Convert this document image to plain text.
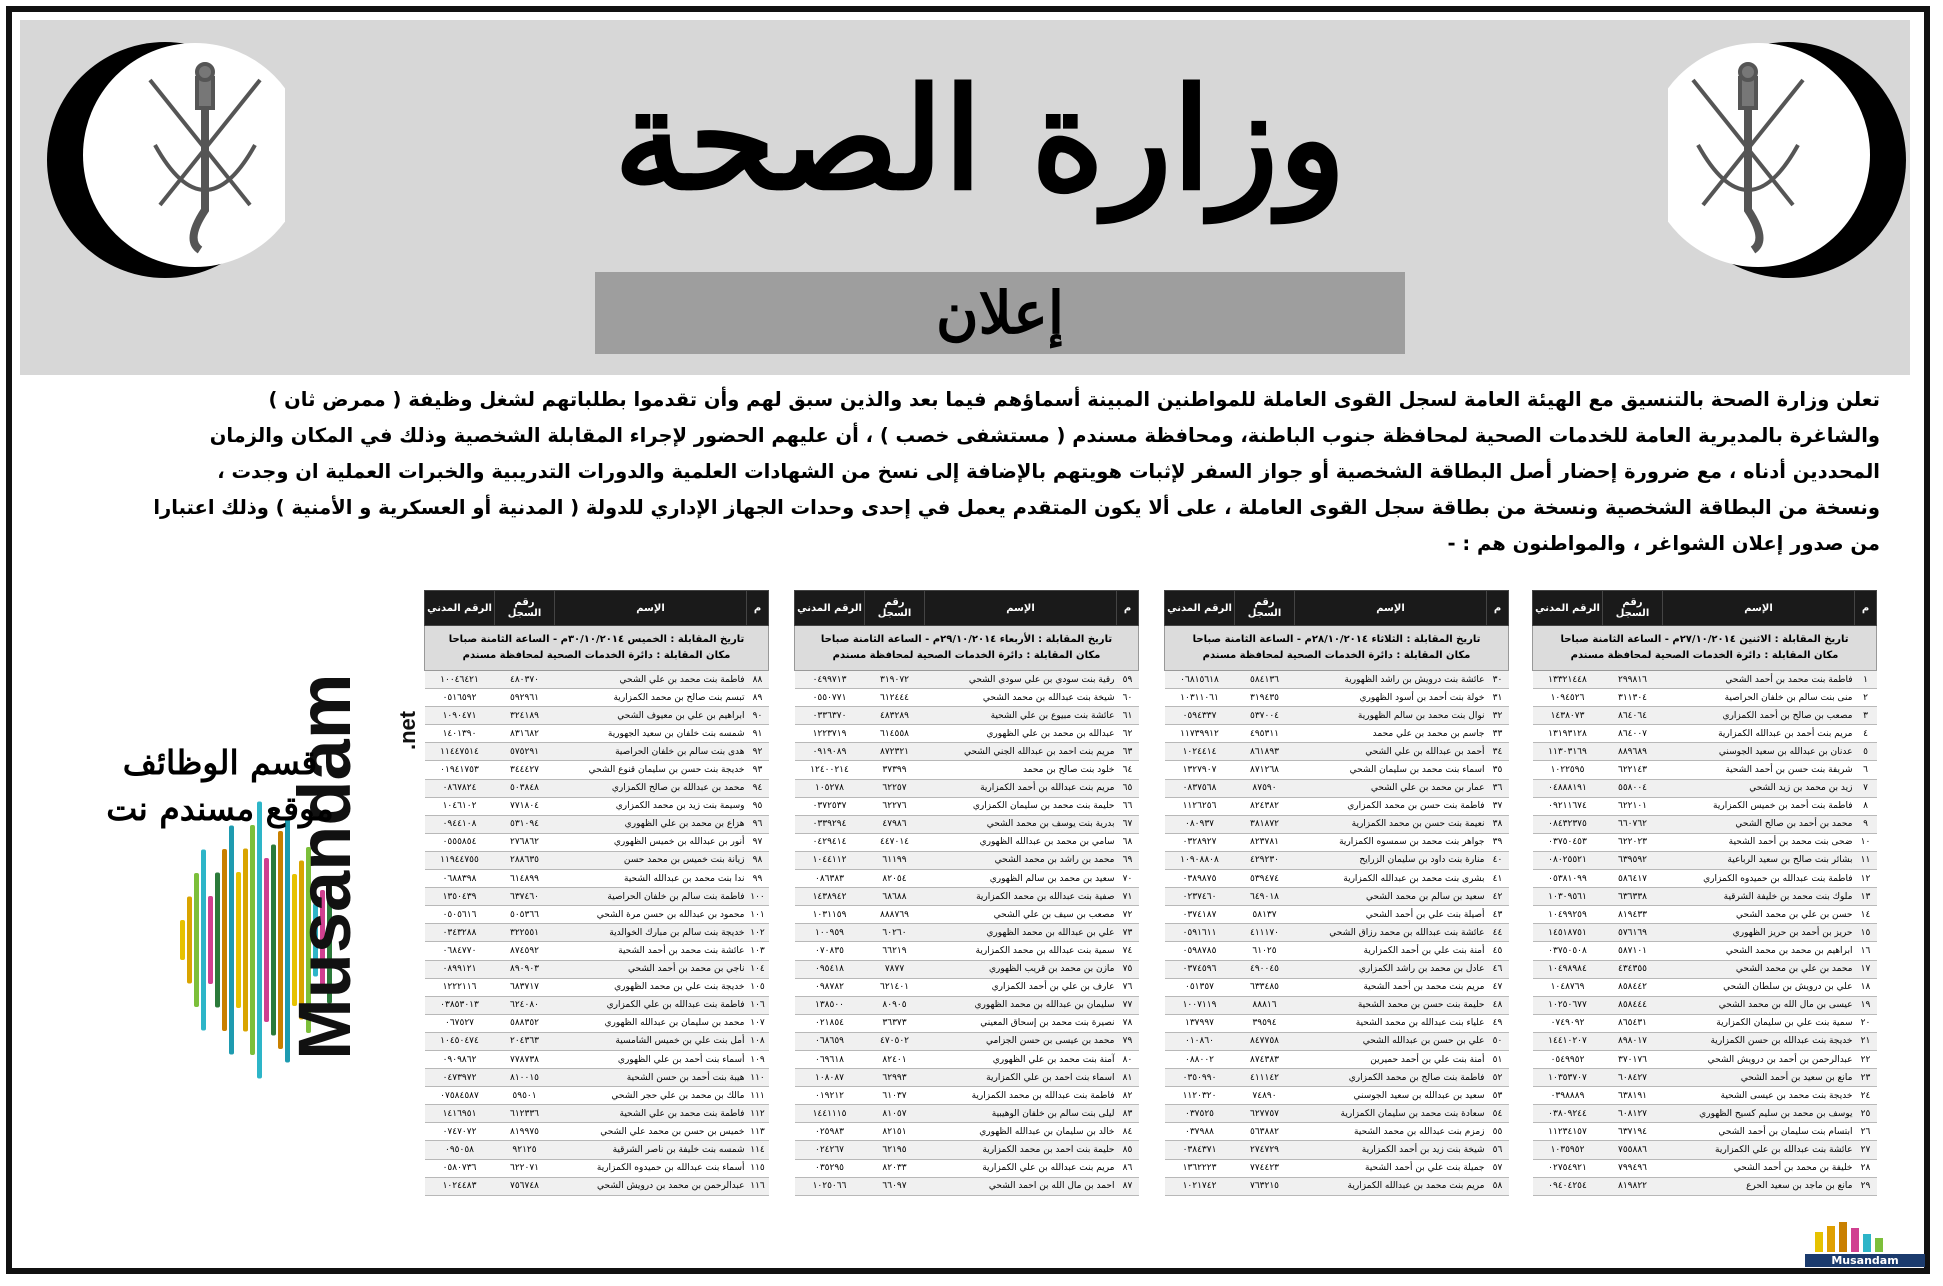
وزارة الصحة
إعلان
تعلن وزارة الصحة بالتنسيق مع الهيئة العامة لسجل القوى العاملة للمواطنين المبينة أسماؤهم فيما بعد والذين سبق لهم وأن تقدموا بطلباتهم لشغل وظيفة ( ممرض ثان )
والشاغرة بالمديرية العامة للخدمات الصحية لمحافظة جنوب الباطنة، ومحافظة مسندم ( مستشفى خصب ) ، أن عليهم الحضور لإجراء المقابلة الشخصية وذلك في المكان والزمان
المحددين أدناه ، مع ضرورة إحضار أصل البطاقة الشخصية أو جواز السفر لإثبات هويتهم بالإضافة إلى نسخ من الشهادات العلمية والدورات التدريبية والخبرات العملية ان وجدت ،
ونسخة من البطاقة الشخصية ونسخة من بطاقة سجل القوى العاملة ، على ألا يكون المتقدم يعمل في إحدى وحدات الجهاز الإداري للدولة ( المدنية أو العسكرية و الأمنية ) وذلك اعتبارا
من صدور إعلان الشواغر ، والمواطنون هم : -
م	الإسم	رقم السجل	الرقم المدني

تاريخ المقابلة : الاثنين ٢٧/١٠/٢٠١٤م - الساعة الثامنة صباحا
مكان المقابلة : دائرة الخدمات الصحية لمحافظة مسندم			

١	فاطمة بنت محمد بن أحمد الشحي	٢٩٩٨١٦	١٣٣٢١٤٤٨
٢	منى بنت سالم بن خلفان الحراصية	٣١١٣٠٤	١٠٩٤٥٢٦
٣	مصعب بن صالح بن أحمد الكمزاري	٨٦٤٠٦٤	١٤٣٨٠٧٣
٤	مريم بنت أحمد بن عبدالله الكمزارية	٨٦٤٠٠٧	١٣١٩٣١٢٨
٥	عدنان بن عبدالله بن سعيد الجوسني	٨٨٩٦٨٩	١١٣٠٣١٦٩
٦	شريفة بنت حسن بن أحمد الشحية	٦٢٢١٤٣	١٠٢٢٥٩٥
٧	زيد بن محمد بن زيد الشحي	٥٥٨٠٠٤	٠٤٨٨٨١٩١
٨	فاطمة بنت أحمد بن خميس الكمزارية	٦٢٢١٠١	٠٩٢١١٦٧٤
٩	محمد بن أحمد بن صالح الشحي	٦٦٠٧٦٢	٠٨٤٣٢٣٧٥
١٠	ضحى بنت محمد بن أحمد الشحية	٦٢٢٠٢٣	٠٣٧٥٠٤٥٣
١١	بشائر بنت صالح بن سعيد الرباعية	٦٣٩٥٩٢	٠٨٠٢٥٥٢١
١٢	فاطمة بنت عبدالله بن حميدوه الكمزاري	٥٨٦٤١٧	٠٥٣٨١٠٩٩
١٣	ملوك بنت محمد بن خليفة الشرقية	٦٣٦٣٣٨	١٠٣٠٩٥٦١
١٤	حسن بن علي بن محمد الشحي	٨١٩٤٣٣	١٠٤٩٩٢٥٩
١٥	حريز بن أحمد بن حريز الظهوري	٥٧٦١٦٩	١٤٥١٨٧٥١
١٦	ابراهيم بن محمد بن محمد الشحي	٥٨٧١٠١	٠٣٧٥٠٥٠٨
١٧	محمد بن علي بن محمد الشحي	٤٣٤٣٥٥	١٠٤٩٨٩٨٤
١٨	علي بن درويش بن سلطان الشحي	٨٥٨٤٤٢	١٠٤٨٧٦٩
١٩	عيسى بن مال الله بن محمد الشحي	٨٥٨٤٤٤	١٠٢٥٠٦٧٧
٢٠	سمية بنت علي بن سليمان الكمزارية	٨٦٥٤٣١	٠٧٤٩٠٩٢
٢١	خديجة بنت عبدالله بن حسن الكمزارية	٨٩٨٠١٧	١٤٤١٠٢٠٧
٢٢	عبدالرحمن بن أحمد بن درويش الشحي	٣٧٠١٧٦	٠٥٤٩٩٥٢
٢٣	مانع بن سعيد بن أحمد الشحي	٦٠٨٤٢٧	١٠٣٥٣٧٠٧
٢٤	خديجة بنت محمد بن عيسى الشحية	٦٣٨١٩١	٠٣٩٨٨٨٩
٢٥	يوسف بن محمد بن سليم كسيح الظهوري	٦٠٨١٢٧	٠٣٨٠٩٢٤٤
٢٦	ابتسام بنت سليمان بن أحمد الشحي	٦٣٧١٩٤	١١٢٣٤١٥٧
٢٧	عائشة بنت عبدالله بن علي الكمزارية	٧٥٥٨٨٦	١٠٣٥٩٥٢
٢٨	خليفة بن محمد بن أحمد الشحي	٧٩٩٤٩٦	٠٢٧٥٤٩٢١
٢٩	مانع بن ماجد بن سعيد الحرع	٨١٩٨٢٢	٠٩٤٠٤٢٥٤
م	الإسم	رقم السجل	الرقم المدني

تاريخ المقابلة : الثلاثاء ٢٨/١٠/٢٠١٤م - الساعة الثامنة صباحا
مكان المقابلة : دائرة الخدمات الصحية لمحافظة مسندم			

٣٠	عائشة بنت درويش بن راشد الظهورية	٥٨٤١٣٦	٠٦٨١٥٦١٨
٣١	خولة بنت أحمد بن أسود الظهوري	٣١٩٤٣٥	١٠٣١١٠٦١
٣٢	نوال بنت محمد بن سالم الظهورية	٥٣٧٠٠٤	٠٥٩٤٣٣٧
٣٣	جاسم بن محمد بن علي محمد	٤٩٥٣١١	١١٧٣٩٩١٢
٣٤	أحمد بن عبدالله بن علي الشحي	٨٦١٨٩٣	١٠٢٤٤١٤
٣٥	اسماء بنت محمد بن سليمان الشحي	٨٧١٢٦٨	١٣٢٧٩٠٧
٣٦	عمار بن محمد بن علي الشحي	٨٧٥٩٠	٠٨٣٧٥٦٨
٣٧	فاطمة بنت حسن بن محمد الكمزاري	٨٢٤٣٨٢	١١٢٦٢٥٦
٣٨	نعيمة بنت حسن بن محمد الكمزارية	٣٨١٨٧٢	٠٨٠٩٣٧
٣٩	جواهر بنت محمد بن سمسوه الكمزارية	٨٢٣٧٨١	٠٣٢٨٩٢٧
٤٠	منارة بنت داود بن سليمان الزرايح	٤٢٩٢٣٠	١٠٩٠٨٨٠٨
٤١	بشرى بنت محمد بن عبدالله الكمزارية	٥٣٩٤٧٤	٠٣٨٩٨٧٥
٤٢	سعيد بن سالم بن محمد الشحي	٦٤٩٠١٨	٠٢٣٧٤٦٠
٤٣	أصيلة بنت علي بن أحمد الشحي	٥٨١٣٧	٠٣٧٤١٨٧
٤٤	عائشة بنت عبدالله بن محمد رزاق الشحي	٤١١١٧٠	٠٥٩١٦١١
٤٥	أمنة بنت علي بن أحمد الكمزارية	٦١٠٢٥	٠٥٩٨٧٨٥
٤٦	عادل بن محمد بن راشد الكمزاري	٤٩٠٠٤٥	٠٣٧٤٥٩٦
٤٧	مريم بنت محمد بن أحمد الشحية	٦٣٣٤٨٥	٠٥١٣٥٧
٤٨	حليمة بنت حسن بن محمد الشحية	٨٨٨١٦	١٠٠٧١١٩
٤٩	علياء بنت عبدالله بن محمد الشحية	٣٩٥٩٤	١٣٧٩٩٧
٥٠	علي بن حسن بن عبدالله الشحي	٨٤٧٧٥٨	٠١٠٨٦٠
٥١	أمنة بنت علي بن أحمد حميرين	٨٧٤٣٨٣	٠٨٨٠٠٢
٥٢	فاطمة بنت صالح بن محمد الكمزاري	٤١١١٤٢	٠٣٥٠٩٩٠
٥٣	سعيد بن عبدالله بن سعيد الجوسني	٧٤٨٩٠	١١٢٠٣٢٠
٥٤	سعادة بنت محمد بن سليمان الكمزارية	٦٢٧٧٥٧	٠٣٧٥٢٥
٥٥	زمزم بنت عبدالله بن محمد الشحية	٥٦٣٨٨٢	٠٣٧٩٨٨
٥٦	شيخة بنت زيد بن أحمد الكمزارية	٢٧٤٧٢٩	٠٣٨٤٣٧١
٥٧	جميلة بنت علي بن أحمد الشحية	٧٧٤٤٢٣	١٣٦٢٢٢٣
٥٨	مريم بنت محمد بن عبدالله الكمزارية	٧٦٣٢١٥	١٠٢١٧٤٢
م	الإسم	رقم السجل	الرقم المدني

تاريخ المقابلة : الأربعاء ٢٩/١٠/٢٠١٤م - الساعة الثامنة صباحا
مكان المقابلة : دائرة الخدمات الصحية لمحافظة مسندم			

٥٩	رقية بنت سودي بن علي سودي الشحي	٣١٩٠٧٢	٠٤٩٩٧١٣
٦٠	شيخة بنت عبدالله بن محمد الشحي	٦١٢٤٤٤	٠٥٥٠٧٧١
٦١	عائشة بنت مبيوع بن علي الشحية	٤٨٣٢٨٩	٠٣٣٦٣٧٠
٦٢	عبدالله بن محمد بن علي الظهوري	٦١٤٥٥٨	١٢٢٣٧١٩
٦٣	مريم بنت احمد بن عبدالله الجني الشحي	٨٧٢٣٢١	٠٩١٩٠٨٩
٦٤	خلود بنت صالح بن محمد	٣٧٣٩٩	١٢٤٠٠٢١٤
٦٥	مريم بنت عبدالله بن أحمد الكمزارية	٦٢٢٥٧	١٠٥٢٧٨
٦٦	حليمة بنت محمد بن سليمان الكمزاري	٦٢٢٧٦	٠٣٧٢٥٣٧
٦٧	بدرية بنت يوسف بن محمد الشحي	٤٧٩٨٦	٠٣٣٩٢٩٤
٦٨	سامي بن محمد بن عبدالله الظهوري	٤٤٧٠١٤	٠٤٢٩٤١٤
٦٩	محمد بن راشد بن محمد الشحي	٦١١٩٩	١٠٤٤١١٢
٧٠	سعيد بن محمد بن سالم الظهوري	٨٢٠٥٤	٠٨٦٣٨٣
٧١	صفية بنت عبدالله بن محمد الكمزارية	٦٨٦٨٨	١٤٣٨٩٤٢
٧٢	مصعب بن سيف بن علي الشحي	٨٨٨٧٦٩	١٠٣١١٥٩
٧٣	علي بن عبدالله بن محمد الظهوري	٦٠٢٦٠	١٠٠٩٥٩
٧٤	سمية بنت عبدالله بن محمد الكمزارية	٦٦٢١٩	٠٧٠٨٣٥
٧٥	مازن بن محمد بن قريب الظهوري	٧٨٧٧	٠٩٥٤١٨
٧٦	عارف بن علي بن أحمد الكمزاري	٦٢١٤٠١	٠٩٨٧٨٢
٧٧	سليمان بن عبدالله بن محمد الظهوري	٨٠٩٠٥	١٣٨٥٠٠
٧٨	نصيرة بنت محمد بن إسحاق المعيني	٣٦٣٧٣	٠٢١٨٥٤
٧٩	محمد بن عيسى بن حسن الجزامي	٤٧٠٥٠٢	٠٦٨٦٥٩
٨٠	آمنة بنت محمد بن علي الظهوري	٨٢٤٠١	٠٦٩٦١٨
٨١	اسماء بنت احمد بن علي الكمزارية	٦٢٩٩٣	١٠٨٠٨٧
٨٢	فاطمة بنت عبدالله بن محمد الكمزارية	٦١٠٣٧	٠١٩٢١٢
٨٣	ليلى بنت سالم بن خلفان الوهيبية	٨١٠٥٧	١٤٤١١١٥
٨٤	خالد بن سليمان بن عبدالله الظهوري	٨٢١٥١	٠٢٥٩٨٣
٨٥	حليمة بنت احمد بن محمد الكمزارية	٦٢١٩٥	٠٢٤٢٦٧
٨٦	مريم بنت عبدالله بن علي الكمزارية	٨٢٠٣٣	٠٣٥٢٩٥
٨٧	احمد بن مال الله بن احمد الشحي	٦٦٠٩٧	١٠٢٥٠٦٦
م	الإسم	رقم السجل	الرقم المدني

تاريخ المقابلة : الخميس ٣٠/١٠/٢٠١٤م - الساعة الثامنة صباحا
مكان المقابلة : دائرة الخدمات الصحية لمحافظة مسندم			

٨٨	فاطمة بنت محمد بن علي الشحي	٤٨٠٣٧٠	١٠٠٤٦٤٢١
٨٩	تبسم بنت صالح بن محمد الكمزارية	٥٩٢٩٦١	٠٥١٦٥٩٢
٩٠	ابراهيم بن علي بن معيوف الشحي	٣٢٤١٨٩	١٠٩٠٤٧١
٩١	شمسه بنت خلفان بن سعيد الجهورية	٨٣١٦٨٢	١٤٠١٣٩٠
٩٢	هدى بنت سالم بن خلفان الحراصية	٥٧٥٢٩١	١١٤٤٧٥١٤
٩٣	خديجة بنت حسن بن سليمان قنوع الشحي	٣٤٤٤٢٧	٠١٩٤١٧٥٣
٩٤	محمد بن عبدالله بن صالح الكمزاري	٥٠٣٨٤٨	٠٨٦٧٨٢٤
٩٥	وسيمة بنت زيد بن محمد الكمزاري	٧٧١٨٠٤	١٠٤٦١٠٢
٩٦	هزاع بن محمد بن علي الظهوري	٥٣١٠٩٤	٠٩٤٤١٠٨
٩٧	أنور بن عبدالله بن خميس الظهوري	٢٧٦٨٦٢	٠٥٥٥٨٥٤
٩٨	زيانة بنت خميس بن محمد حسن	٢٨٨٦٣٥	١١٩٤٤٧٥٥
٩٩	ندا بنت محمد بن عبدالله الشحية	٦١٤٨٩٩	٠٦٨٨٣٩٨
١٠٠	فاطمة بنت سالم بن خلفان الحراصية	٦٣٧٤٦٠	١٣٥٠٤٣٩
١٠١	محمود بن عبدالله بن حسن مرة الشحي	٥٠٥٣٦٦	٠٥٠٥٦١٦
١٠٢	خديجة بنت سالم بن مبارك الخوالدية	٣٢٢٥٥١	٠٣٤٣٢٨٨
١٠٣	عائشة بنت محمد بن أحمد الشحية	٨٧٤٥٩٢	٠٦٨٤٧٧٠
١٠٤	ناجي بن محمد بن أحمد الشحي	٨٩٠٩٠٣	٠٨٩٩١٢١
١٠٥	خديجة بنت علي بن محمد الظهوري	٦٨٣٧١٧	١٢٢٢١١٦
١٠٦	فاطمة بنت عبدالله بن علي الكمزاري	٦٢٤٠٨٠	٠٣٨٥٣٠١٣
١٠٧	محمد بن سليمان بن عبدالله الظهوري	٥٨٨٣٥٢	٠٦٧٥٢٧
١٠٨	أمل بنت علي بن خميس الشامسية	٢٠٤٣٦٣	١٠٤٥٠٤٧٤
١٠٩	أسماء بنت أحمد بن علي الظهوري	٧٧٨٧٣٨	٠٩٠٩٨٦٢
١١٠	هيبة بنت أحمد بن حسن الشحية	٨١٠٠١٥	٠٤٧٣٩٧٢
١١١	مالك بن محمد بن علي حجر الشحي	٥٩٥٠١	٠٧٥٨٤٥٨٧
١١٢	فاطمة بنت محمد بن علي الشحية	٦١٢٣٣٦	١٤١٦٩٥١
١١٣	خميس بن حسن بن محمد علي الشحي	٨١٩٩٧٥	٠٧٤٧٠٧٢
١١٤	شمسه بنت خليفة بن ناصر الشرقية	٩٢١٢٥	٠٩٥٠٥٨
١١٥	أسماء بنت عبدالله بن حميدوه الكمزارية	٦٢٢٠٧١	٠٥٨٠٧٣٦
١١٦	عبدالرحمن بن محمد بن درويش الشحي	٧٥٦٧٤٨	١٠٢٤٤٨٣
Musandam .net
قسم الوظائف
موقع مسندم نت
Musandam
